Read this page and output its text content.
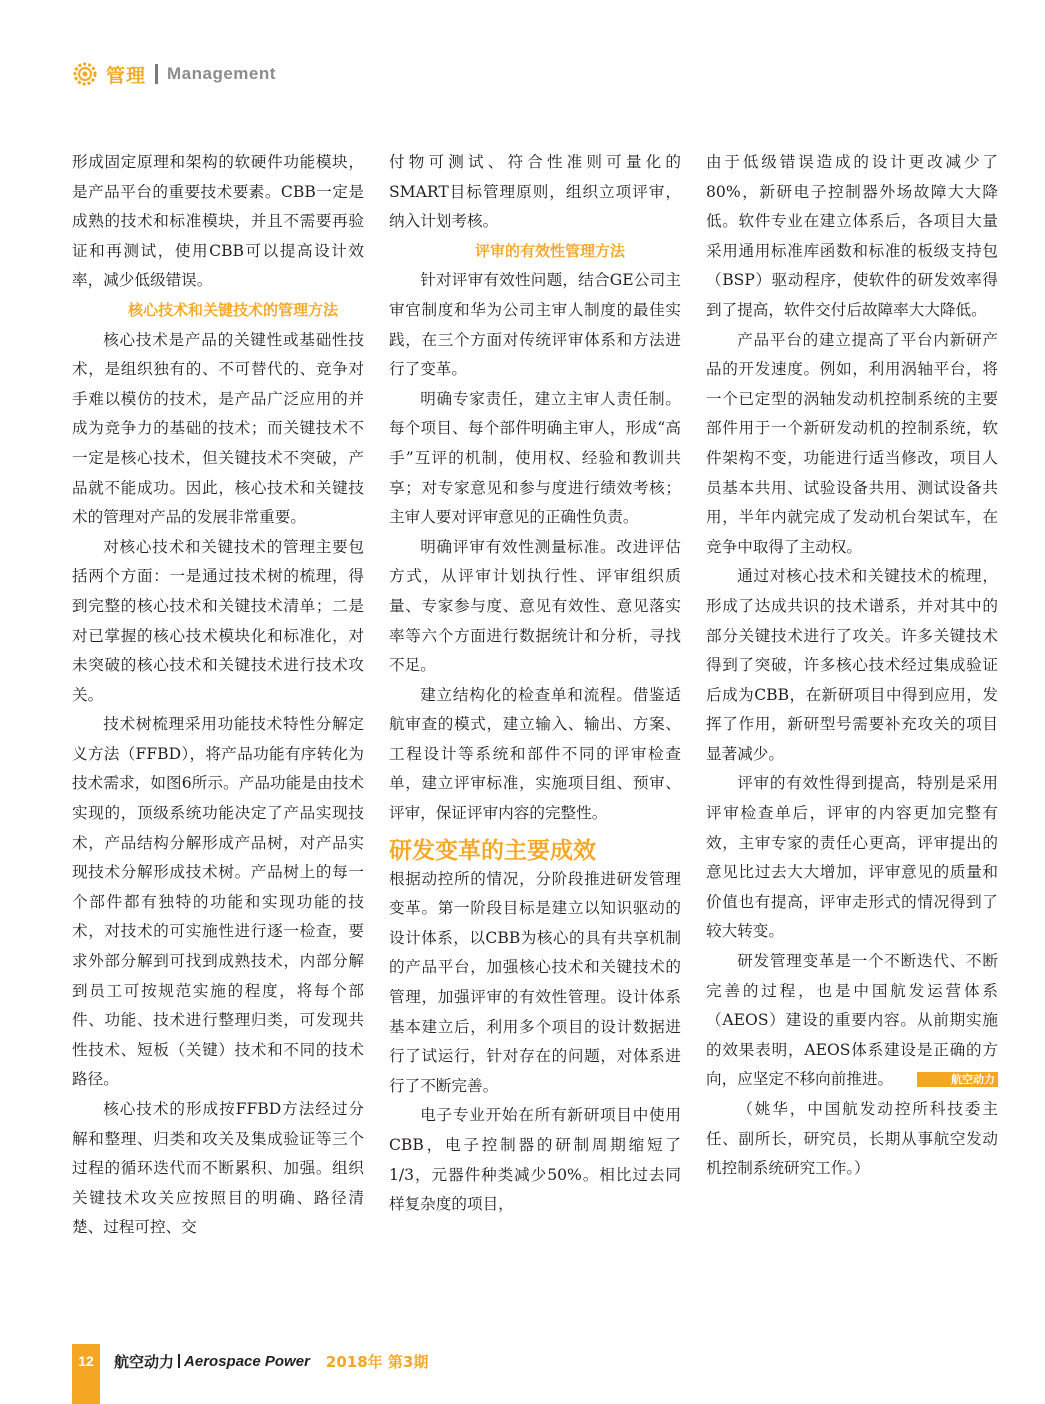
管理 Management

形成固定原理和架构的软硬件功能模块，是产品平台的重要技术要素。CBB一定是成熟的技术和标准模块，并且不需要再验证和再测试，使用CBB可以提高设计效率，减少低级错误。

核心技术和关键技术的管理方法

核心技术是产品的关键性或基础性技术，是组织独有的、不可替代的、竞争对手难以模仿的技术，是产品广泛应用的并成为竞争力的基础的技术；而关键技术不一定是核心技术，但关键技术不突破，产品就不能成功。因此，核心技术和关键技术的管理对产品的发展非常重要。

对核心技术和关键技术的管理主要包括两个方面：一是通过技术树的梳理，得到完整的核心技术和关键技术清单；二是对已掌握的核心技术模块化和标准化，对未突破的核心技术和关键技术进行技术攻关。

技术树梳理采用功能技术特性分解定义方法（FFBD），将产品功能有序转化为技术需求，如图6所示。产品功能是由技术实现的，顶级系统功能决定了产品实现技术，产品结构分解形成产品树，对产品实现技术分解形成技术树。产品树上的每一个部件都有独特的功能和实现功能的技术，对技术的可实施性进行逐一检查，要求外部分解到可找到成熟技术，内部分解到员工可按规范实施的程度，将每个部件、功能、技术进行整理归类，可发现共性技术、短板（关键）技术和不同的技术路径。

核心技术的形成按FFBD方法经过分解和整理、归类和攻关及集成验证等三个过程的循环迭代而不断累积、加强。组织关键技术攻关应按照目的明确、路径清楚、过程可控、交

付物可测试、符合性准则可量化的SMART目标管理原则，组织立项评审，纳入计划考核。

评审的有效性管理方法

针对评审有效性问题，结合GE公司主审官制度和华为公司主审人制度的最佳实践，在三个方面对传统评审体系和方法进行了变革。

明确专家责任，建立主审人责任制。每个项目、每个部件明确主审人，形成“高手”互评的机制，使用权、经验和教训共享；对专家意见和参与度进行绩效考核；主审人要对评审意见的正确性负责。

明确评审有效性测量标准。改进评估方式，从评审计划执行性、评审组织质量、专家参与度、意见有效性、意见落实率等六个方面进行数据统计和分析，寻找不足。

建立结构化的检查单和流程。借鉴适航审查的模式，建立输入、输出、方案、工程设计等系统和部件不同的评审检查单，建立评审标准，实施项目组、预审、评审，保证评审内容的完整性。

研发变革的主要成效

根据动控所的情况，分阶段推进研发管理变革。第一阶段目标是建立以知识驱动的设计体系，以CBB为核心的具有共享机制的产品平台，加强核心技术和关键技术的管理，加强评审的有效性管理。设计体系基本建立后，利用多个项目的设计数据进行了试运行，针对存在的问题，对体系进行了不断完善。

电子专业开始在所有新研项目中使用CBB，电子控制器的研制周期缩短了1/3，元器件种类减少50%。相比过去同样复杂度的项目，

由于低级错误造成的设计更改减少了80%，新研电子控制器外场故障大大降低。软件专业在建立体系后，各项目大量采用通用标准库函数和标准的板级支持包（BSP）驱动程序，使软件的研发效率得到了提高，软件交付后故障率大大降低。

产品平台的建立提高了平台内新研产品的开发速度。例如，利用涡轴平台，将一个已定型的涡轴发动机控制系统的主要部件用于一个新研发动机的控制系统，软件架构不变，功能进行适当修改，项目人员基本共用、试验设备共用、测试设备共用，半年内就完成了发动机台架试车，在竞争中取得了主动权。

通过对核心技术和关键技术的梳理，形成了达成共识的技术谱系，并对其中的部分关键技术进行了攻关。许多关键技术得到了突破，许多核心技术经过集成验证后成为CBB，在新研项目中得到应用，发挥了作用，新研型号需要补充攻关的项目显著减少。

评审的有效性得到提高，特别是采用评审检查单后，评审的内容更加完整有效，主审专家的责任心更高，评审提出的意见比过去大大增加，评审意见的质量和价值也有提高，评审走形式的情况得到了较大转变。

研发管理变革是一个不断迭代、不断完善的过程，也是中国航发运营体系（AEOS）建设的重要内容。从前期实施的效果表明，AEOS体系建设是正确的方向，应坚定不移向前推进。	航空动力

（姚华，中国航发动控所科技委主任、副所长，研究员，长期从事航空发动机控制系统研究工作。）

12	航空动力 Aerospace Power 2018年 第3期
